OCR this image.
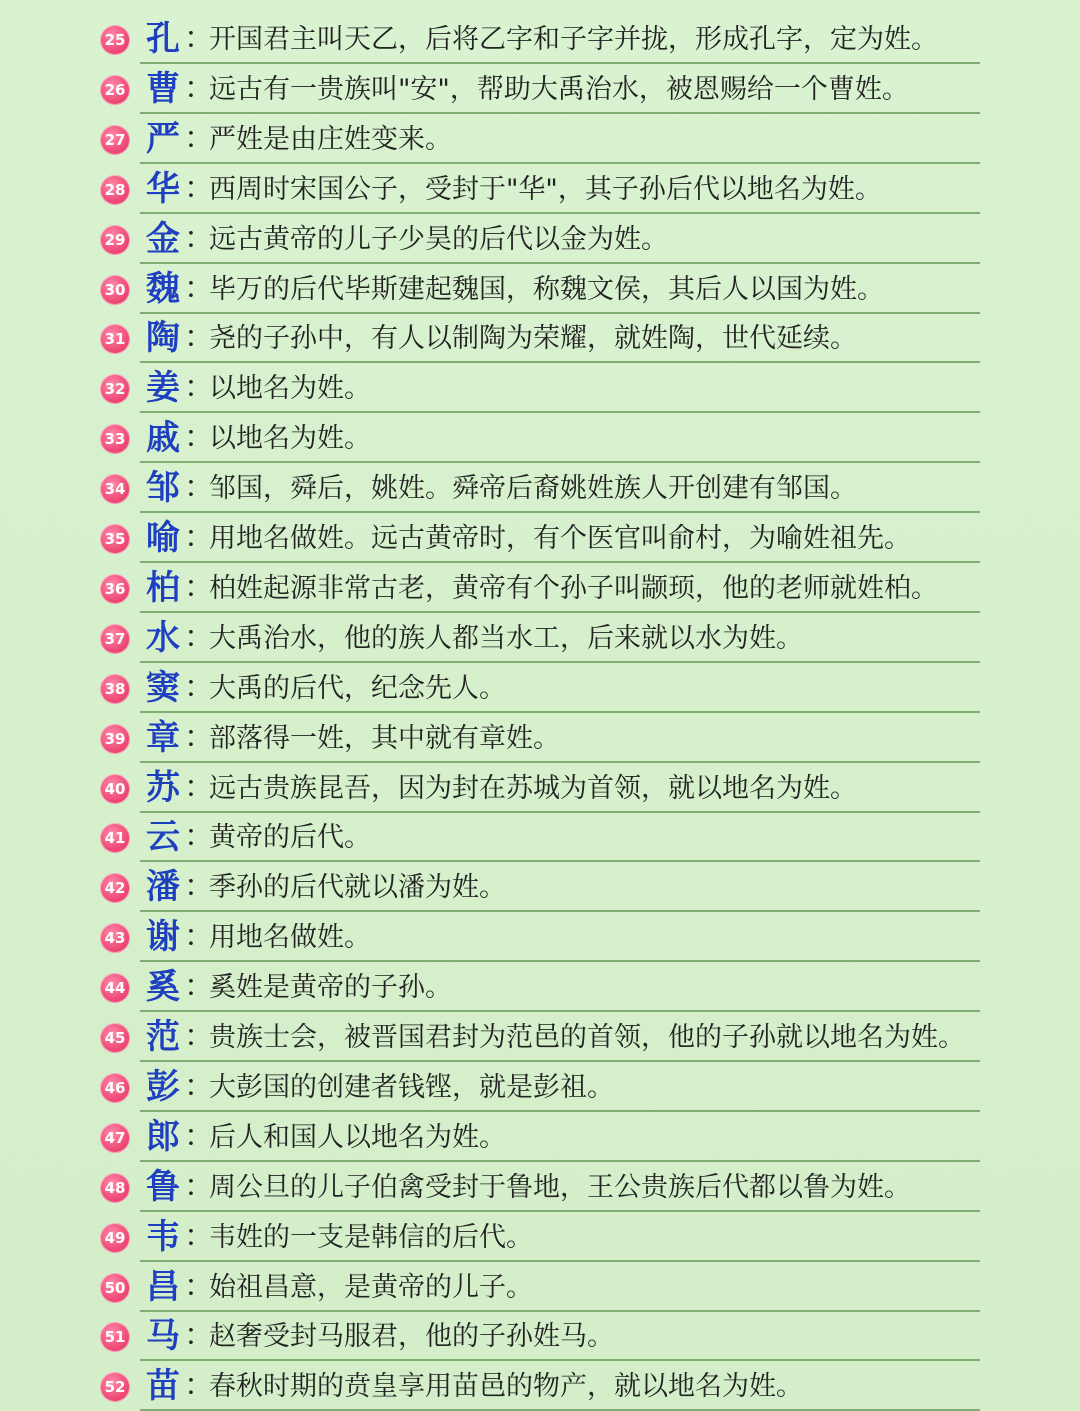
25 孔 ：
开国君主叫天乙，后将乙字和子字并拢，形成孔字，定为姓。
26 曹 ：
远古有一贵族叫"安"，帮助大禹治水，被恩赐给一个曹姓。
27 严 ：
严姓是由庄姓变来。
28 华 ：
西周时宋国公子，受封于"华"，其子孙后代以地名为姓。
29 金 ：
远古黄帝的儿子少昊的后代以金为姓。
30 魏 ：
毕万的后代毕斯建起魏国，称魏文侯，其后人以国为姓。
31 陶 ：
尧的子孙中，有人以制陶为荣耀，就姓陶，世代延续。
32 姜 ：
以地名为姓。
33 戚 ：
以地名为姓。
34 邹 ：
邹国，舜后，姚姓。舜帝后裔姚姓族人开创建有邹国。
35 喻 ：
用地名做姓。远古黄帝时，有个医官叫俞村，为喻姓祖先。
36 柏 ：
柏姓起源非常古老，黄帝有个孙子叫颛顼，他的老师就姓柏。
37 水 ：
大禹治水，他的族人都当水工，后来就以水为姓。
38 窦 ：
大禹的后代，纪念先人。
39 章 ：
部落得一姓，其中就有章姓。
40 苏 ：
远古贵族昆吾，因为封在苏城为首领，就以地名为姓。
41 云 ：
黄帝的后代。
42 潘 ：
季孙的后代就以潘为姓。
43 谢 ：
用地名做姓。
44 奚 ：
奚姓是黄帝的子孙。
45 范 ：
贵族士会，被晋国君封为范邑的首领，他的子孙就以地名为姓。
46 彭 ：
大彭国的创建者钱铿，就是彭祖。
47 郎 ：
后人和国人以地名为姓。
48 鲁 ：
周公旦的儿子伯禽受封于鲁地，王公贵族后代都以鲁为姓。
49 韦 ：
韦姓的一支是韩信的后代。
50 昌 ：
始祖昌意，是黄帝的儿子。
51 马 ：
赵奢受封马服君，他的子孙姓马。
52 苗 ：
春秋时期的贲皇享用苗邑的物产，就以地名为姓。
